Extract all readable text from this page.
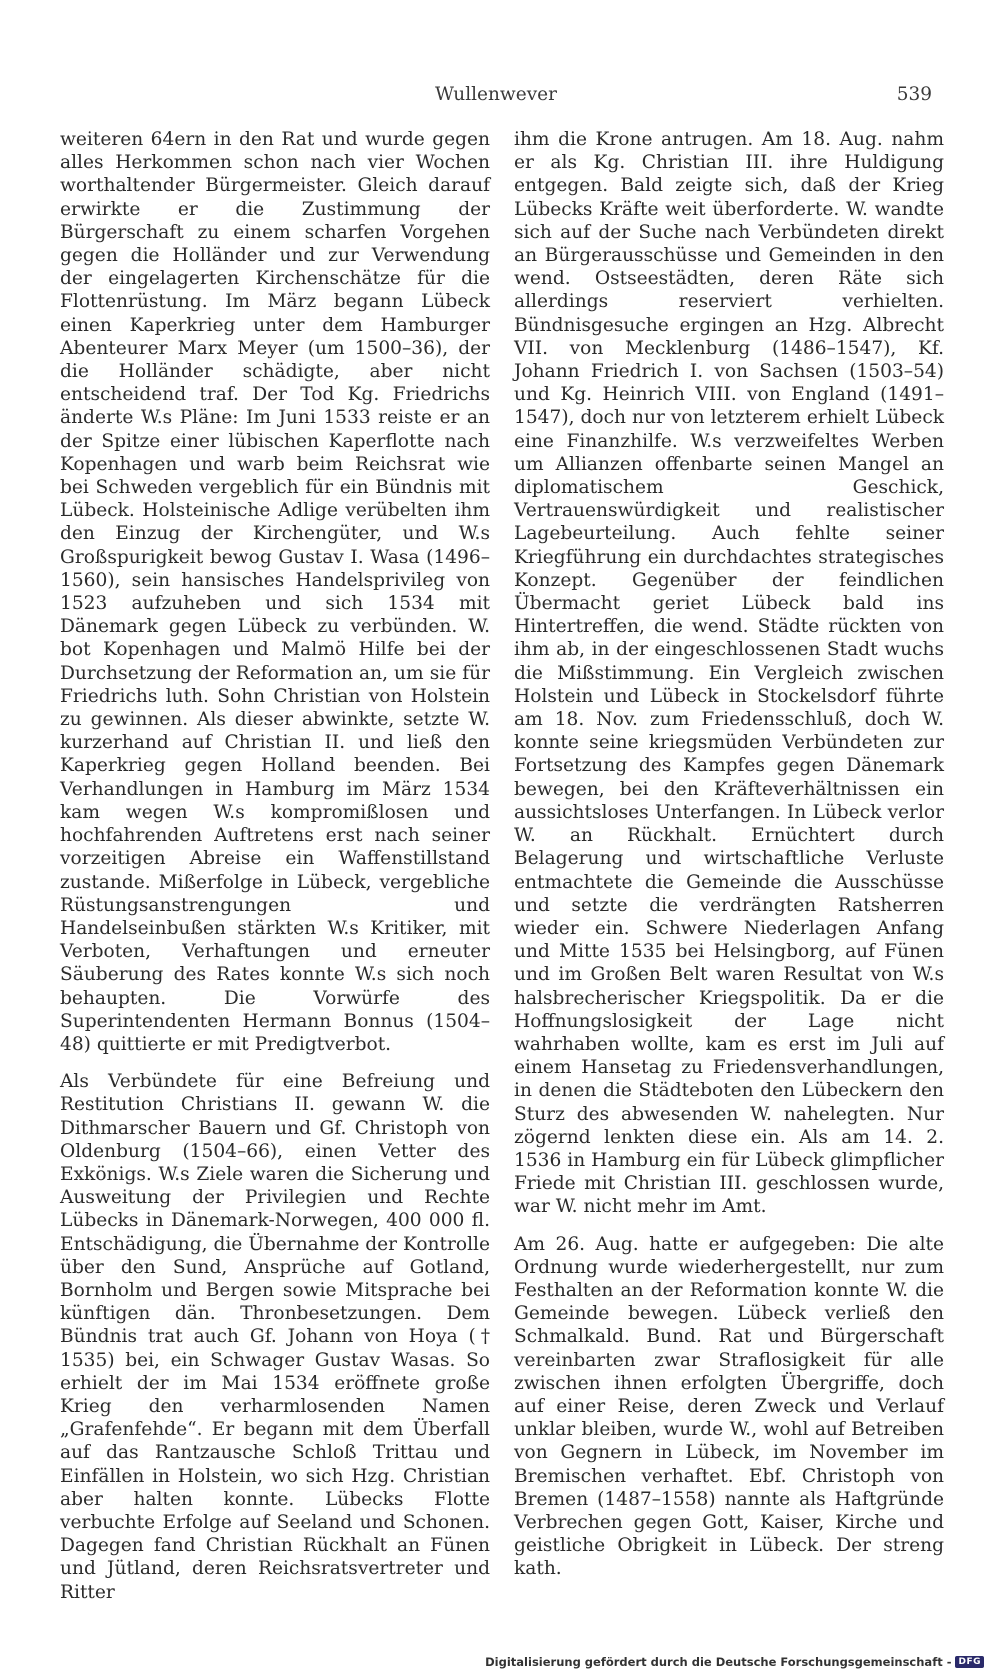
Wullenwever	539

weiteren 64ern in den Rat und wurde gegen alles Herkommen schon nach vier Wochen worthaltender Bürgermeister. Gleich darauf erwirkte er die Zustimmung der Bürgerschaft zu einem scharfen Vorgehen gegen die Holländer und zur Verwendung der eingelagerten Kirchenschätze für die Flottenrüstung. Im März begann Lübeck einen Kaperkrieg unter dem Hamburger Abenteurer Marx Meyer (um 1500–36), der die Holländer schädigte, aber nicht entscheidend traf. Der Tod Kg. Friedrichs änderte W.s Pläne: Im Juni 1533 reiste er an der Spitze einer lübischen Kaperflotte nach Kopenhagen und warb beim Reichsrat wie bei Schweden vergeblich für ein Bündnis mit Lübeck. Holsteinische Adlige verübelten ihm den Einzug der Kirchengüter, und W.s Großspurigkeit bewog Gustav I. Wasa (1496–1560), sein hansisches Handelsprivileg von 1523 aufzuheben und sich 1534 mit Dänemark gegen Lübeck zu verbünden. W. bot Kopenhagen und Malmö Hilfe bei der Durchsetzung der Reformation an, um sie für Friedrichs luth. Sohn Christian von Holstein zu gewinnen. Als dieser abwinkte, setzte W. kurzerhand auf Christian II. und ließ den Kaperkrieg gegen Holland beenden. Bei Verhandlungen in Hamburg im März 1534 kam wegen W.s kompromißlosen und hochfahrenden Auftretens erst nach seiner vorzeitigen Abreise ein Waffenstillstand zustande. Mißerfolge in Lübeck, vergebliche Rüstungsanstrengungen und Handelseinbußen stärkten W.s Kritiker, mit Verboten, Verhaftungen und erneuter Säuberung des Rates konnte W.s sich noch behaupten. Die Vorwürfe des Superintendenten Hermann Bonnus (1504–48) quittierte er mit Predigtverbot.

Als Verbündete für eine Befreiung und Restitution Christians II. gewann W. die Dithmarscher Bauern und Gf. Christoph von Oldenburg (1504–66), einen Vetter des Exkönigs. W.s Ziele waren die Sicherung und Ausweitung der Privilegien und Rechte Lübecks in Dänemark-Norwegen, 400 000 fl. Entschädigung, die Übernahme der Kontrolle über den Sund, Ansprüche auf Gotland, Bornholm und Bergen sowie Mitsprache bei künftigen dän. Thronbesetzungen. Dem Bündnis trat auch Gf. Johann von Hoya († 1535) bei, ein Schwager Gustav Wasas. So erhielt der im Mai 1534 eröffnete große Krieg den verharmlosenden Namen „Grafenfehde“. Er begann mit dem Überfall auf das Rantzausche Schloß Trittau und Einfällen in Holstein, wo sich Hzg. Christian aber halten konnte. Lübecks Flotte verbuchte Erfolge auf Seeland und Schonen. Dagegen fand Christian Rückhalt an Fünen und Jütland, deren Reichsratsvertreter und Ritter

ihm die Krone antrugen. Am 18. Aug. nahm er als Kg. Christian III. ihre Huldigung entgegen. Bald zeigte sich, daß der Krieg Lübecks Kräfte weit überforderte. W. wandte sich auf der Suche nach Verbündeten direkt an Bürgerausschüsse und Gemeinden in den wend. Ostseestädten, deren Räte sich allerdings reserviert verhielten. Bündnisgesuche ergingen an Hzg. Albrecht VII. von Mecklenburg (1486–1547), Kf. Johann Friedrich I. von Sachsen (1503–54) und Kg. Heinrich VIII. von England (1491–1547), doch nur von letzterem erhielt Lübeck eine Finanzhilfe. W.s verzweifeltes Werben um Allianzen offenbarte seinen Mangel an diplomatischem Geschick, Vertrauenswürdigkeit und realistischer Lagebeurteilung. Auch fehlte seiner Kriegführung ein durchdachtes strategisches Konzept. Gegenüber der feindlichen Übermacht geriet Lübeck bald ins Hintertreffen, die wend. Städte rückten von ihm ab, in der eingeschlossenen Stadt wuchs die Mißstimmung. Ein Vergleich zwischen Holstein und Lübeck in Stockelsdorf führte am 18. Nov. zum Friedensschluß, doch W. konnte seine kriegsmüden Verbündeten zur Fortsetzung des Kampfes gegen Dänemark bewegen, bei den Kräfteverhältnissen ein aussichtsloses Unterfangen. In Lübeck verlor W. an Rückhalt. Ernüchtert durch Belagerung und wirtschaftliche Verluste entmachtete die Gemeinde die Ausschüsse und setzte die verdrängten Ratsherren wieder ein. Schwere Niederlagen Anfang und Mitte 1535 bei Helsingborg, auf Fünen und im Großen Belt waren Resultat von W.s halsbrecherischer Kriegspolitik. Da er die Hoffnungslosigkeit der Lage nicht wahrhaben wollte, kam es erst im Juli auf einem Hansetag zu Friedensverhandlungen, in denen die Städteboten den Lübeckern den Sturz des abwesenden W. nahelegten. Nur zögernd lenkten diese ein. Als am 14. 2. 1536 in Hamburg ein für Lübeck glimpflicher Friede mit Christian III. geschlossen wurde, war W. nicht mehr im Amt.

Am 26. Aug. hatte er aufgegeben: Die alte Ordnung wurde wiederhergestellt, nur zum Festhalten an der Reformation konnte W. die Gemeinde bewegen. Lübeck verließ den Schmalkald. Bund. Rat und Bürgerschaft vereinbarten zwar Straflosigkeit für alle zwischen ihnen erfolgten Übergriffe, doch auf einer Reise, deren Zweck und Verlauf unklar bleiben, wurde W., wohl auf Betreiben von Gegnern in Lübeck, im November im Bremischen verhaftet. Ebf. Christoph von Bremen (1487–1558) nannte als Haftgründe Verbrechen gegen Gott, Kaiser, Kirche und geistliche Obrigkeit in Lübeck. Der streng kath.

Digitalisierung gefördert durch die Deutsche Forschungsgemeinschaft - DFG
